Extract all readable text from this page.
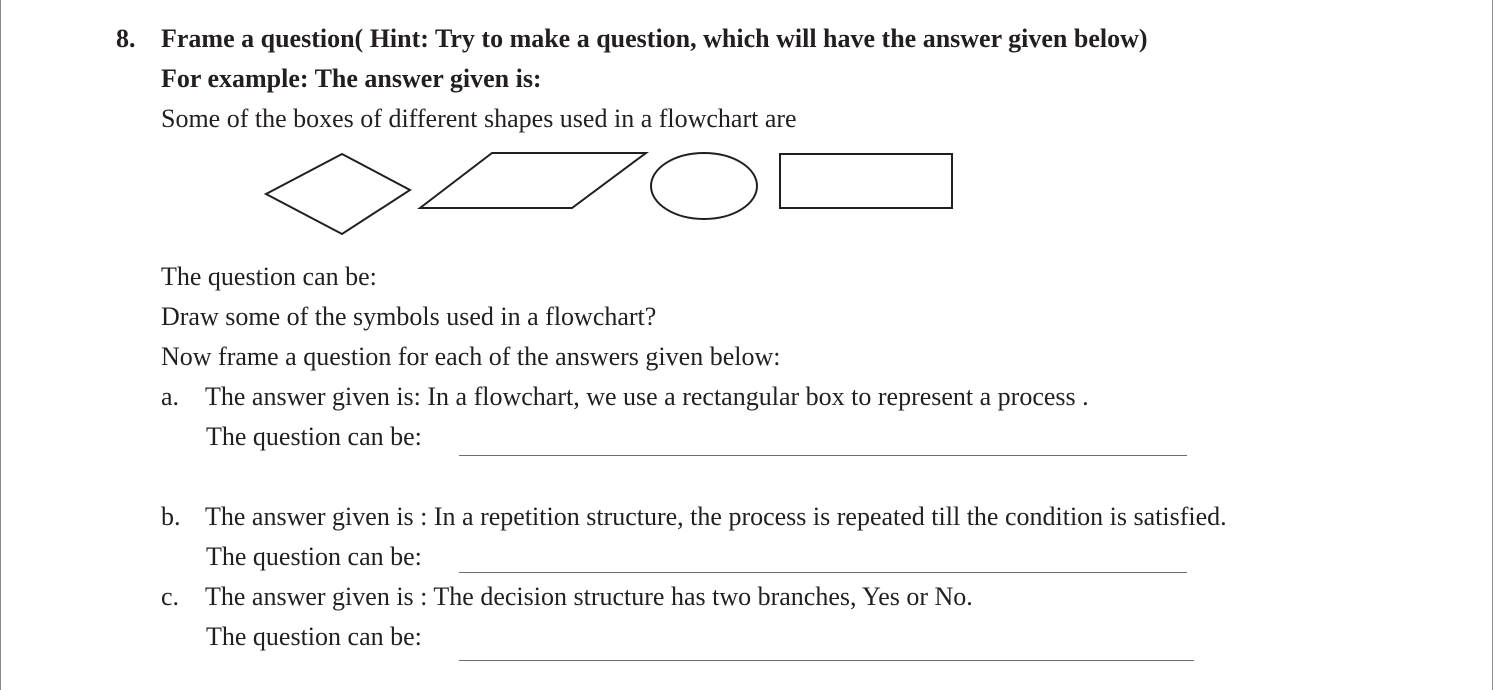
8. Frame a question( Hint: Try to make a question, which will have the answer given below)
For example: The answer given is:
Some of the boxes of different shapes used in a flowchart are
The question can be:
Draw some of the symbols used in a flowchart?
Now frame a question for each of the answers given below:
a. The answer given is: In a flowchart, we use a rectangular box to represent a process .
The question can be:
b. The answer given is : In a repetition structure, the process is repeated till the condition is satisfied.
The question can be:
c. The answer given is : The decision structure has two branches, Yes or No.
The question can be:
